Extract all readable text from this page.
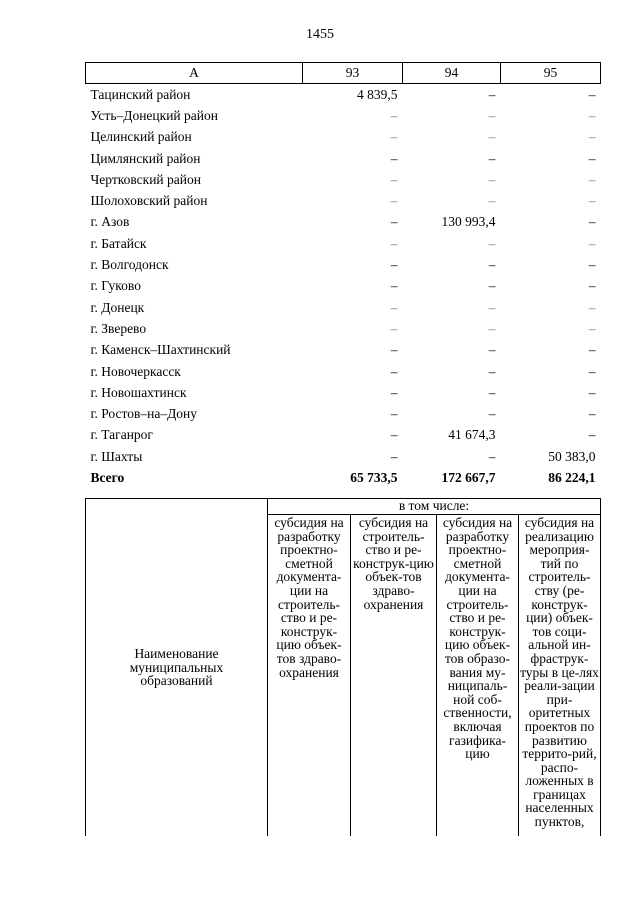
1455
А	93	94	95
Тацинский район	4 839,5	–	–
Усть–Донецкий район	–	–	–
Целинский район	–	–	–
Цимлянский район	–	–	–
Чертковский район	–	–	–
Шолоховский район	–	–	–
г. Азов	–	130 993,4	–
г. Батайск	–	–	–
г. Волгодонск	–	–	–
г. Гуково	–	–	–
г. Донецк	–	–	–
г. Зверево	–	–	–
г. Каменск–Шахтинский	–	–	–
г. Новочеркасск	–	–	–
г. Новошахтинск	–	–	–
г. Ростов–на–Дону	–	–	–
г. Таганрог	–	41 674,3	–
г. Шахты	–	–	50 383,0
Всего	65 733,5	172 667,7	86 224,1
Наименование муниципальных образований	в том числе:			

	субсидия на разработку проектно-сметной документа-ции на строитель-ство и ре-конструк-цию объек-тов здраво-охранения	субсидия на строитель-ство и ре-конструк-цию объек-тов здраво-охранения	субсидия на разработку проектно-сметной документа-ции на строитель-ство и ре-конструк-цию объек-тов образо-вания му-ниципаль-ной соб-ственности, включая газифика-цию	субсидия на реализацию мероприя-тий по строитель-ству (ре-конструк-ции) объек-тов соци-альной ин-фраструк-туры в це-лях реали-зации при-оритетных проектов по развитию террито-рий, распо-ложенных в границах населенных пунктов,
